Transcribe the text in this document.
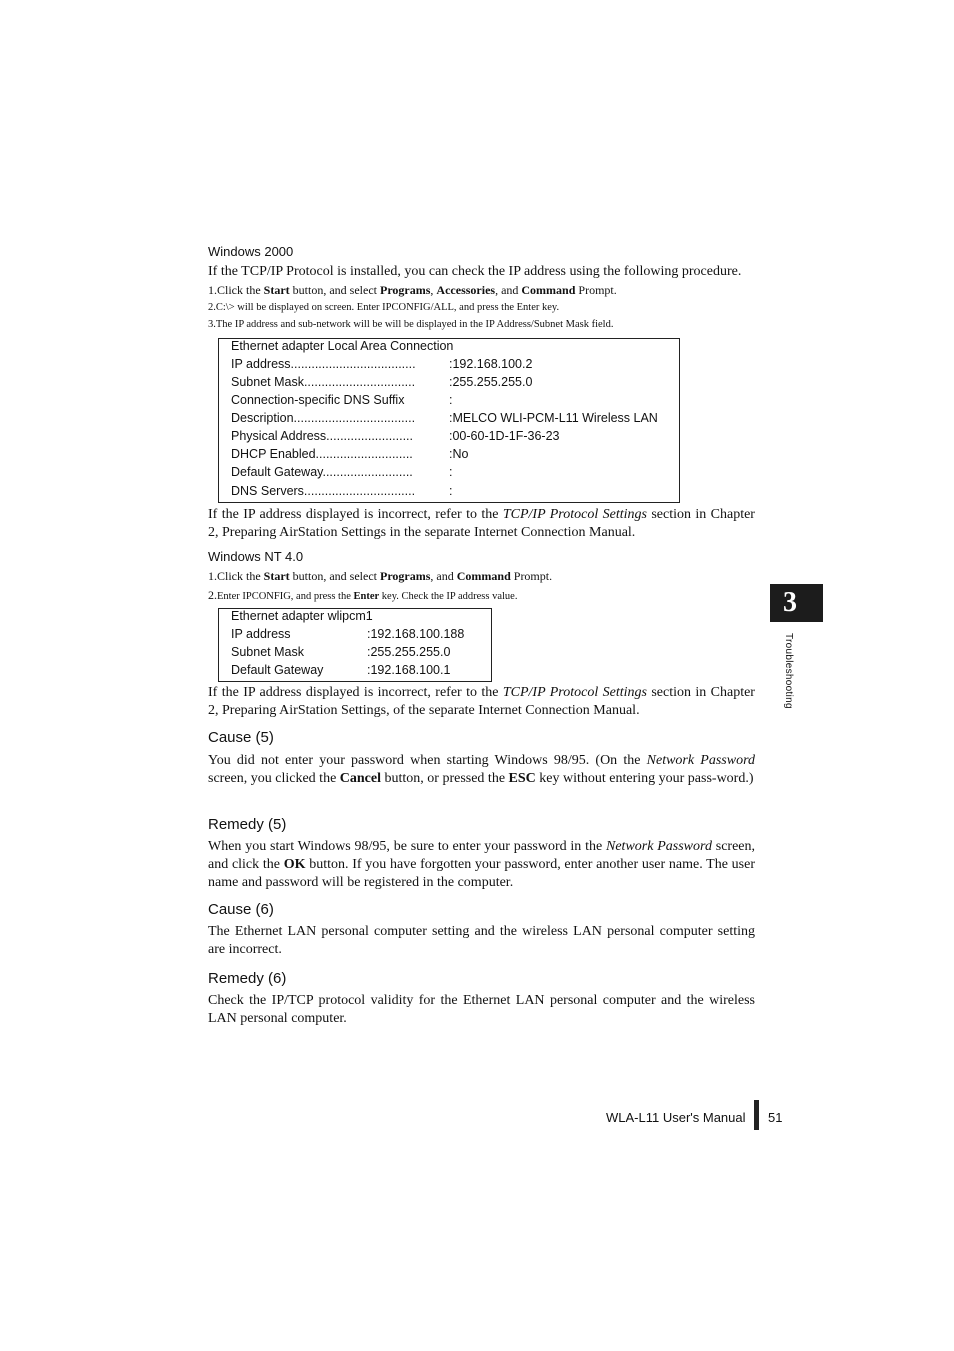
Windows 2000
If the TCP/IP Protocol is installed, you can check the IP address using the following procedure.
1.Click the Start button, and select Programs, Accessories, and Command Prompt.
2.C:\> will be displayed on screen. Enter IPCONFIG/ALL, and press the Enter key.
3.The IP address and sub-network will be will be displayed in the IP Address/Subnet Mask field.
Ethernet adapter Local Area Connection
IP address....................................	:192.168.100.2
Subnet Mask................................	:255.255.255.0
Connection-specific DNS Suffix	:
Description...................................	:MELCO WLI-PCM-L11 Wireless LAN
Physical Address.........................	:00-60-1D-1F-36-23
DHCP Enabled............................	:No
Default Gateway..........................	:
DNS Servers................................	:
If the IP address displayed is incorrect, refer to the TCP/IP Protocol Settings section in Chapter 2, Preparing AirStation Settings in the separate Internet Connection Manual.
Windows NT 4.0
1.Click the Start button, and select Programs, and Command Prompt.
2.Enter IPCONFIG, and press the Enter key. Check the IP address value.
Ethernet adapter wlipcm1
IP address	:192.168.100.188
Subnet Mask	:255.255.255.0
Default Gateway	:192.168.100.1
If the IP address displayed is incorrect, refer to the TCP/IP Protocol Settings section in Chapter 2, Preparing AirStation Settings, of the separate Internet Connection Manual.
Cause (5)
You did not enter your password when starting Windows 98/95. (On the Network Password screen, you clicked the Cancel button, or pressed the ESC key without entering your pass-word.)
Remedy (5)
When you start Windows 98/95, be sure to enter your password in the Network Password screen, and click the OK button. If you have forgotten your password, enter another user name. The user name and password will be registered in the computer.
Cause (6)
The Ethernet LAN personal computer setting and the wireless LAN personal computer setting are incorrect.
Remedy (6)
Check the IP/TCP protocol validity for the Ethernet LAN personal computer and the wireless LAN personal computer.
3
Troubleshooting
WLA-L11 User's Manual 51
